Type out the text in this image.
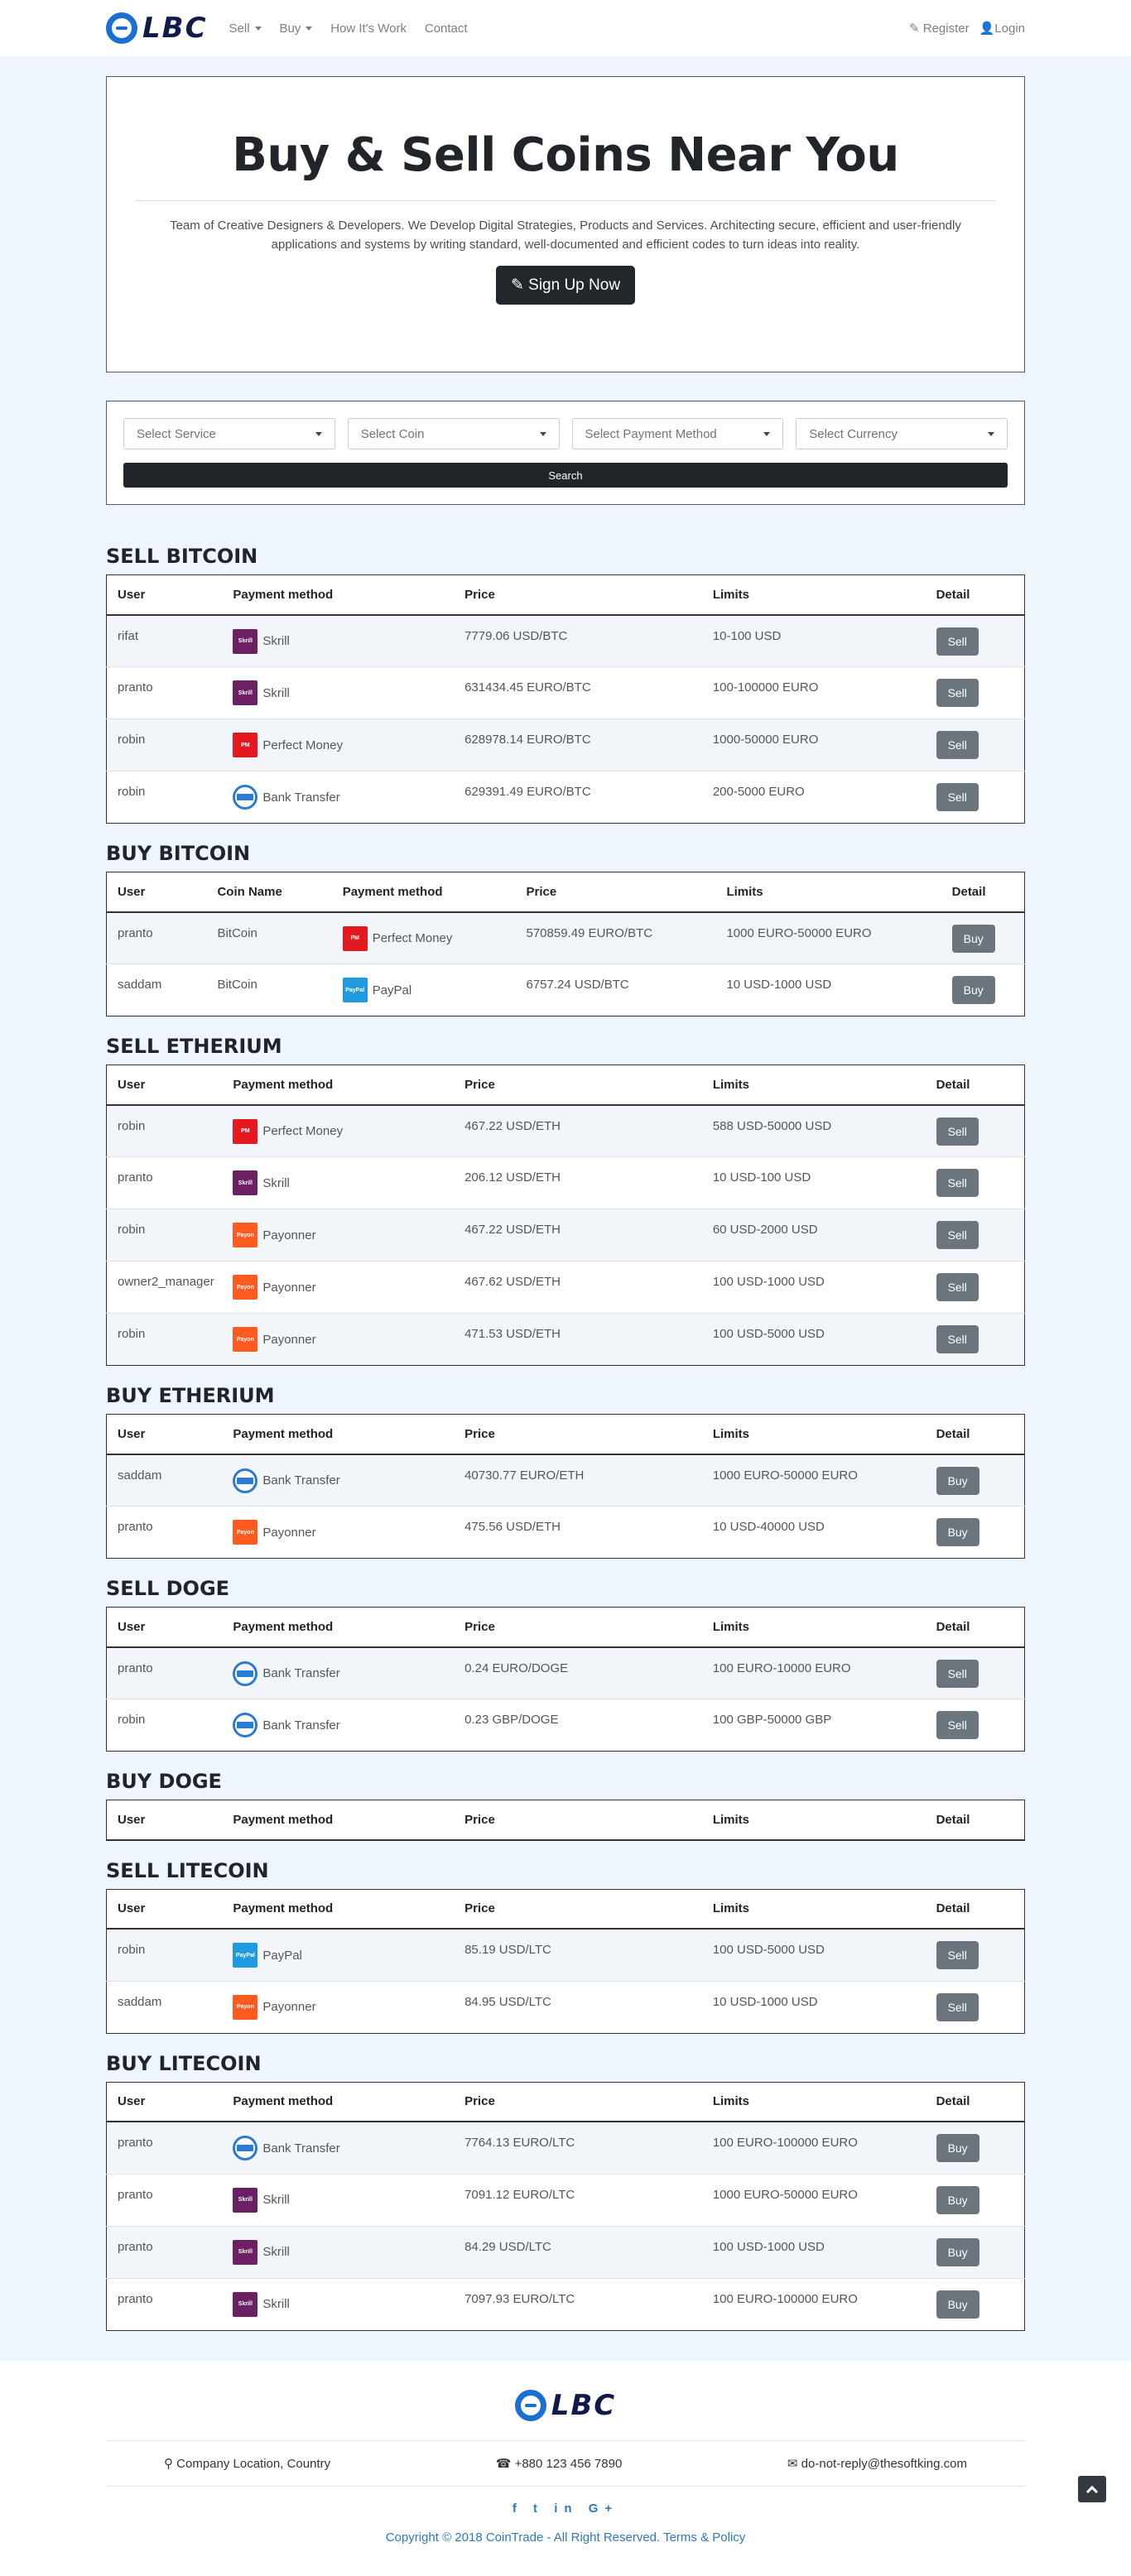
LBC Sell
Buy How It's Work Contact	✎ Register 👤Login
Buy & Sell Coins Near You

Team of Creative Designers & Developers. We Develop Digital Strategies, Products and Services. Architecting secure, efficient and user-friendly applications and systems by writing standard, well-documented and efficient codes to turn ideas into reality.

✎ Sign Up Now
Select Service	Select Coin	Select Payment Method	Select Currency
Search
SELL BITCOIN
User	Payment method	Price	Limits	Detail
rifat	Skrill Skrill	7779.06 USD/BTC	10-100 USD	Sell
pranto	Skrill Skrill	631434.45 EURO/BTC	100-100000 EURO	Sell
robin	PM Perfect Money	628978.14 EURO/BTC	1000-50000 EURO	Sell
robin	Bank Transfer	629391.49 EURO/BTC	200-5000 EURO	Sell
BUY BITCOIN
User	Coin Name	Payment method	Price	Limits	Detail
pranto	BitCoin	PM Perfect Money	570859.49 EURO/BTC	1000 EURO-50000 EURO	Buy
saddam	BitCoin	PayPal PayPal	6757.24 USD/BTC	10 USD-1000 USD	Buy
SELL ETHERIUM
User	Payment method	Price	Limits	Detail
robin	PM Perfect Money	467.22 USD/ETH	588 USD-50000 USD	Sell
pranto	Skrill Skrill	206.12 USD/ETH	10 USD-100 USD	Sell
robin	Payon Payonner	467.22 USD/ETH	60 USD-2000 USD	Sell
owner2_manager	Payon Payonner	467.62 USD/ETH	100 USD-1000 USD	Sell
robin	Payon Payonner	471.53 USD/ETH	100 USD-5000 USD	Sell
BUY ETHERIUM
User	Payment method	Price	Limits	Detail
saddam	Bank Transfer	40730.77 EURO/ETH	1000 EURO-50000 EURO	Buy
pranto	Payon Payonner	475.56 USD/ETH	10 USD-40000 USD	Buy
SELL DOGE
User	Payment method	Price	Limits	Detail
pranto	Bank Transfer	0.24 EURO/DOGE	100 EURO-10000 EURO	Sell
robin	Bank Transfer	0.23 GBP/DOGE	100 GBP-50000 GBP	Sell
BUY DOGE
User	Payment method	Price	Limits	Detail
SELL LITECOIN
User	Payment method	Price	Limits	Detail
robin	PayPal PayPal	85.19 USD/LTC	100 USD-5000 USD	Sell
saddam	Payon Payonner	84.95 USD/LTC	10 USD-1000 USD	Sell
BUY LITECOIN
User	Payment method	Price	Limits	Detail
pranto	Bank Transfer	7764.13 EURO/LTC	100 EURO-100000 EURO	Buy
pranto	Skrill Skrill	7091.12 EURO/LTC	1000 EURO-50000 EURO	Buy
pranto	Skrill Skrill	84.29 USD/LTC	100 USD-1000 USD	Buy
pranto	Skrill Skrill	7097.93 EURO/LTC	100 EURO-100000 EURO	Buy
LBC
⚲ Company Location, Country	☎ +880 123 456 7890	✉ do-not-reply@thesoftking.com
f t in G+
Copyright © 2018 CoinTrade - All Right Reserved. Terms & Policy
